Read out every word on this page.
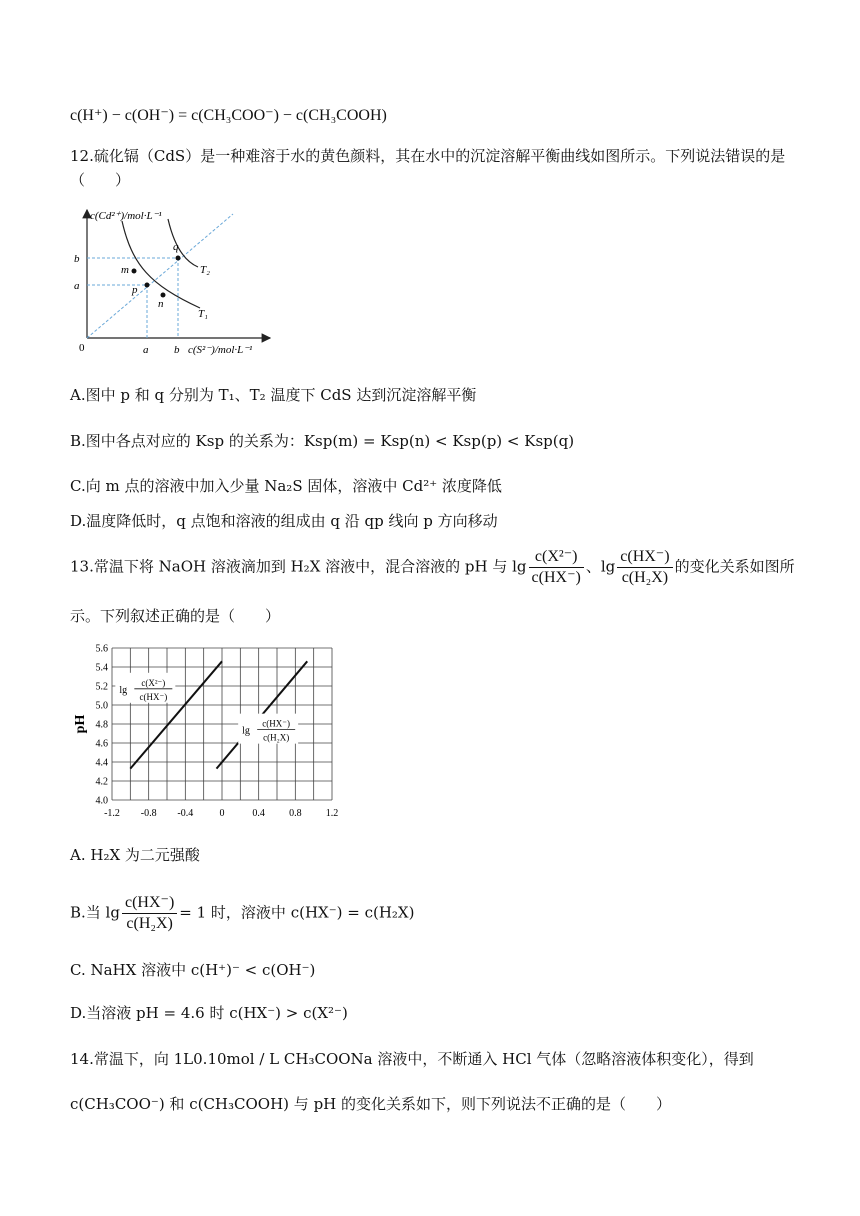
c(H⁺) − c(OH⁻) = c(CH₃COO⁻) − c(CH₃COOH)
12.硫化镉（CdS）是一种难溶于水的黄色颜料，其在水中的沉淀溶解平衡曲线如图所示。下列说法错误的是
（　　）
c(Cd²⁺)/mol·L⁻¹
c(S²⁻)/mol·L⁻¹
0	a b
a
b
m
p
n
q
T₁
T₂
A.图中 p 和 q 分别为 T₁、T₂ 温度下 CdS 达到沉淀溶解平衡
B.图中各点对应的 Ksp 的关系为：Ksp(m) = Ksp(n) < Ksp(p) < Ksp(q)
C.向 m 点的溶液中加入少量 Na₂S 固体，溶液中 Cd²⁺ 浓度降低
D.温度降低时，q 点饱和溶液的组成由 q 沿 qp 线向 p 方向移动
13.常温下将 NaOH 溶液滴加到 H₂X 溶液中，混合溶液的 pH 与 $\lg \frac{\text{c(X²⁻)}}{c(HX^-)}$ 、$\lg \frac{c(HX^-)}{\text{c(H₂X)}}$ 的变化关系如图所
示。下列叙述正确的是（　　）
4.0
4.2
4.4
4.6
4.8
5.0
5.2
5.4
5.6
-1.2 -0.8 -0.4	0	0.4 0.8 1.2
pH
lg
c(X²⁻)
c(HX⁻)
lg
c(HX⁻)
c(H₂X)
A. H₂X 为二元强酸
B.当 $\lg \frac{c(HX^-)}{\text{c(H₂X)}} = 1$ 时，溶液中 c(HX⁻) = c(H₂X)
C. NaHX 溶液中 c(H⁺)⁻ < c(OH⁻)
D.当溶液 pH = 4.6 时 c(HX⁻) > c(X²⁻)
14.常温下，向 1L0.10mol / L CH₃COONa 溶液中，不断通入 HCl 气体（忽略溶液体积变化），得到
c(CH₃COO⁻) 和 c(CH₃COOH) 与 pH 的变化关系如下，则下列说法不正确的是（　　）
